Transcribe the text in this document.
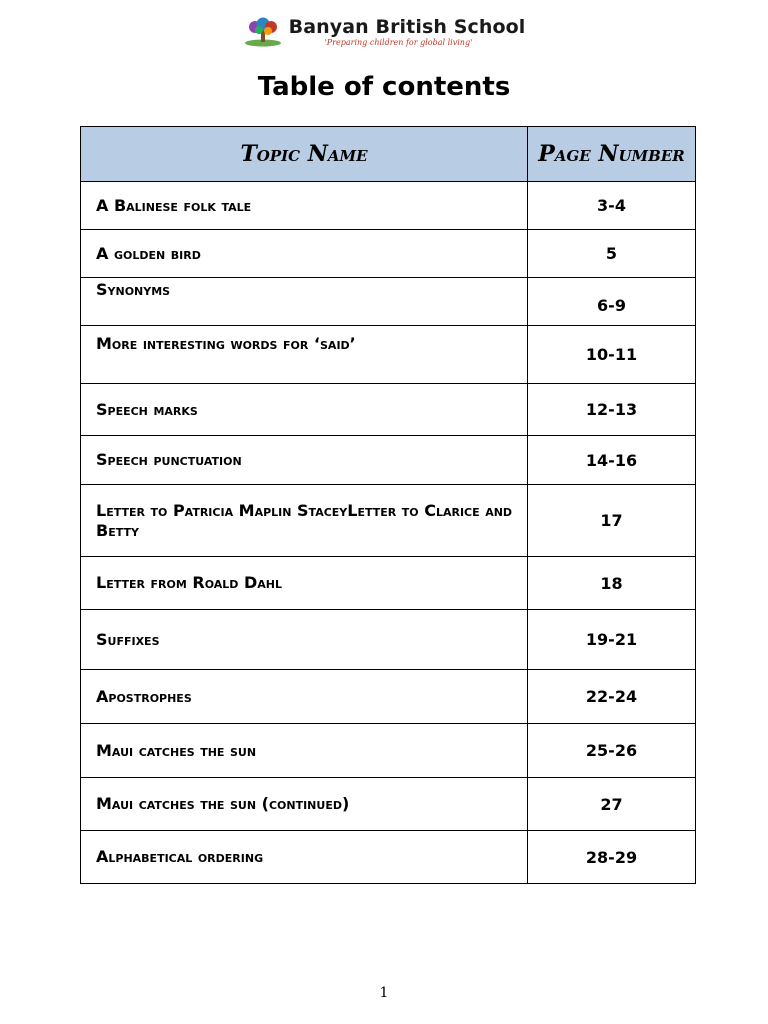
Banyan British School
'Preparing children for global living'
Table of contents
Topic Name	Page Number
A Balinese folk tale	3-4
A golden bird	5
Synonyms	6-9
More interesting words for ‘said’	10-11
Speech marks	12-13
Speech punctuation	14-16
Letter to Patricia Maplin StaceyLetter to Clarice and Betty	17
Letter from Roald Dahl	18
Suffixes	19-21
Apostrophes	22-24
Maui catches the sun	25-26
Maui catches the sun (continued)	27
Alphabetical ordering	28-29
1
